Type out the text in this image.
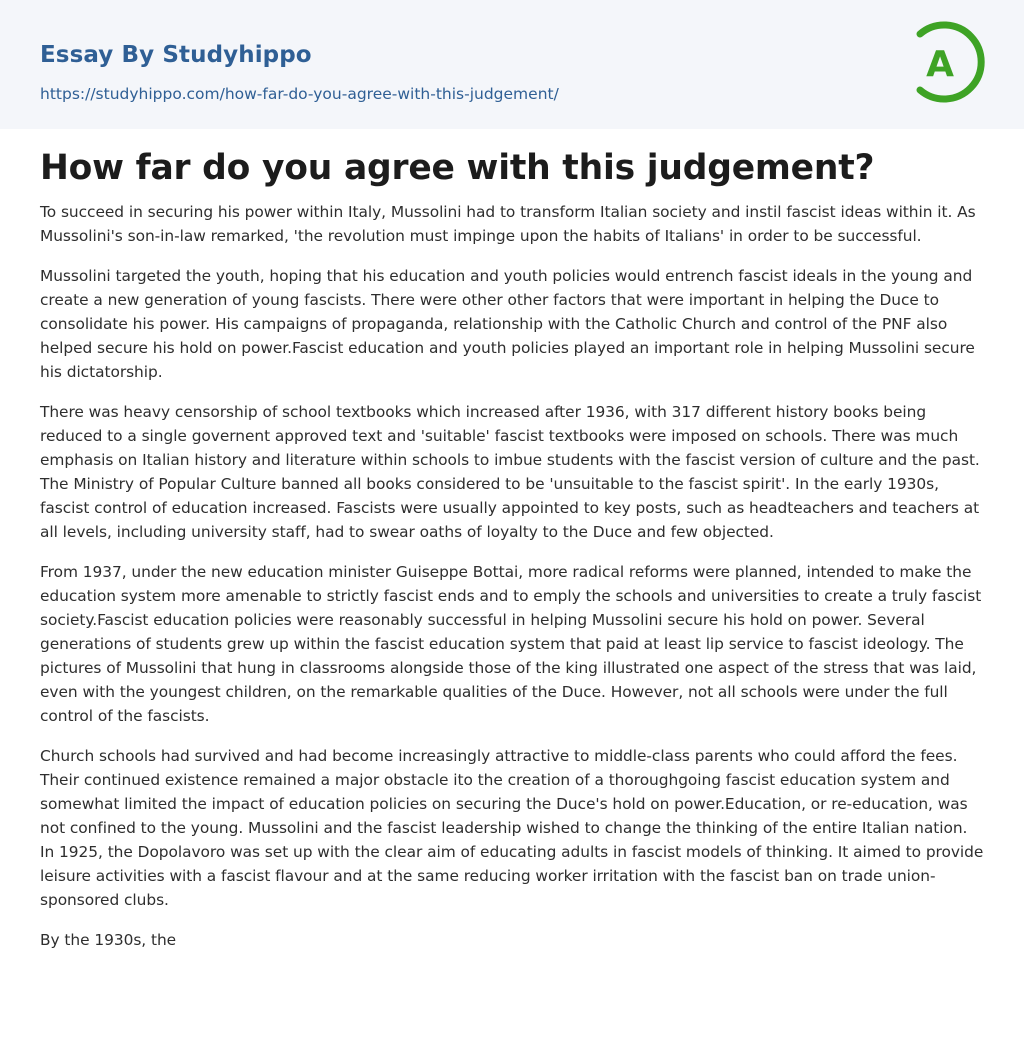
Essay By Studyhippo
https://studyhippo.com/how-far-do-you-agree-with-this-judgement/
A
How far do you agree with this judgement?

To succeed in securing his power within Italy, Mussolini had to transform Italian society and instil fascist ideas within it. As Mussolini's son-in-law remarked, 'the revolution must impinge upon the habits of Italians' in order to be successful.

Mussolini targeted the youth, hoping that his education and youth policies would entrench fascist ideals in the young and create a new generation of young fascists. There were other other factors that were important in helping the Duce to consolidate his power. His campaigns of propaganda, relationship with the Catholic Church and control of the PNF also helped secure his hold on power.Fascist education and youth policies played an important role in helping Mussolini secure his dictatorship.

There was heavy censorship of school textbooks which increased after 1936, with 317 different history books being reduced to a single governent approved text and 'suitable' fascist textbooks were imposed on schools. There was much emphasis on Italian history and literature within schools to imbue students with the fascist version of culture and the past. The Ministry of Popular Culture banned all books considered to be 'unsuitable to the fascist spirit'. In the early 1930s, fascist control of education increased. Fascists were usually appointed to key posts, such as headteachers and teachers at all levels, including university staff, had to swear oaths of loyalty to the Duce and few objected.

From 1937, under the new education minister Guiseppe Bottai, more radical reforms were planned, intended to make the education system more amenable to strictly fascist ends and to emply the schools and universities to create a truly fascist society.Fascist education policies were reasonably successful in helping Mussolini secure his hold on power. Several generations of students grew up within the fascist education system that paid at least lip service to fascist ideology. The pictures of Mussolini that hung in classrooms alongside those of the king illustrated one aspect of the stress that was laid, even with the youngest children, on the remarkable qualities of the Duce. However, not all schools were under the full control of the fascists.

Church schools had survived and had become increasingly attractive to middle-class parents who could afford the fees. Their continued existence remained a major obstacle ito the creation of a thoroughgoing fascist education system and somewhat limited the impact of education policies on securing the Duce's hold on power.Education, or re-education, was not confined to the young. Mussolini and the fascist leadership wished to change the thinking of the entire Italian nation. In 1925, the Dopolavoro was set up with the clear aim of educating adults in fascist models of thinking. It aimed to provide leisure activities with a fascist flavour and at the same reducing worker irritation with the fascist ban on trade union-sponsored clubs.

By the 1930s, the
